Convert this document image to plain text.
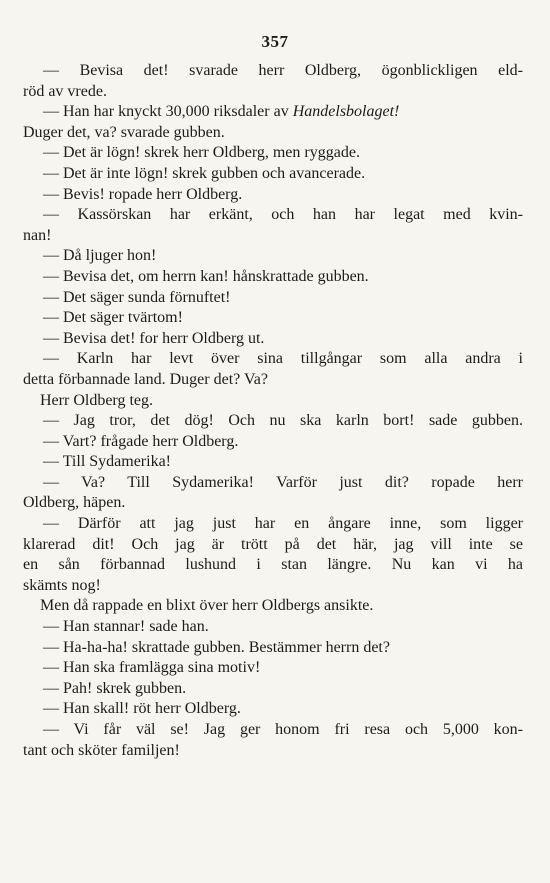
357
— Bevisa det! svarade herr Oldberg, ögonblickligen eld-
röd av vrede.
— Han har knyckt 30,000 riksdaler av Handelsbolaget!
Duger det, va? svarade gubben.
— Det är lögn! skrek herr Oldberg, men ryggade.
— Det är inte lögn! skrek gubben och avancerade.
— Bevis! ropade herr Oldberg.
— Kassörskan har erkänt, och han har legat med kvin-
nan!
— Då ljuger hon!
— Bevisa det, om herrn kan! hånskrattade gubben.
— Det säger sunda förnuftet!
— Det säger tvärtom!
— Bevisa det! for herr Oldberg ut.
— Karln har levt över sina tillgångar som alla andra i
detta förbannade land. Duger det? Va?
Herr Oldberg teg.
— Jag tror, det dög! Och nu ska karln bort! sade gubben.
— Vart? frågade herr Oldberg.
— Till Sydamerika!
— Va? Till Sydamerika! Varför just dit? ropade herr
Oldberg, häpen.
— Därför att jag just har en ångare inne, som ligger
klarerad dit! Och jag är trött på det här, jag vill inte se
en sån förbannad lushund i stan längre. Nu kan vi ha
skämts nog!
Men då rappade en blixt över herr Oldbergs ansikte.
— Han stannar! sade han.
— Ha-ha-ha! skrattade gubben. Bestämmer herrn det?
— Han ska framlägga sina motiv!
— Pah! skrek gubben.
— Han skall! röt herr Oldberg.
— Vi får väl se! Jag ger honom fri resa och 5,000 kon-
tant och sköter familjen!
